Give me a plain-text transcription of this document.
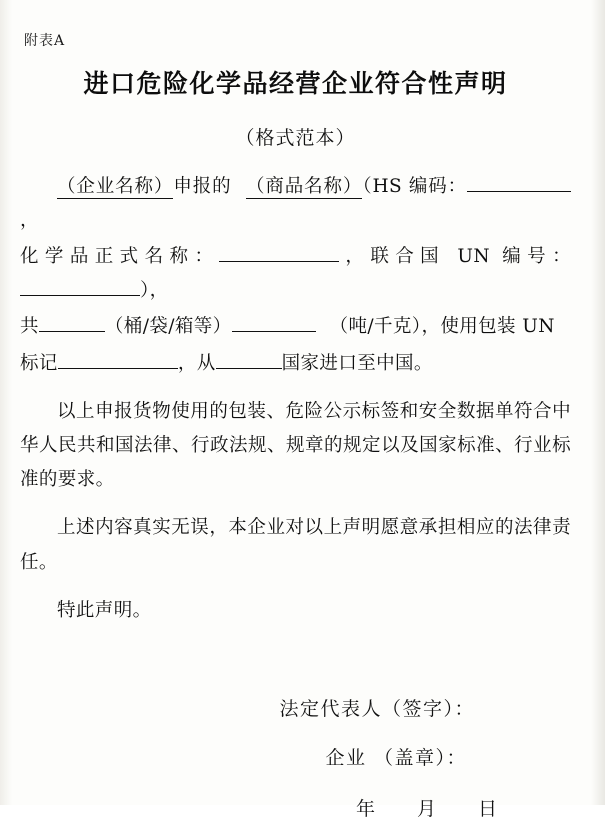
附表A
进口危险化学品经营企业符合性声明
（格式范本）

（企业名称）申报的 （商品名称）（HS 编码：，

化学品正式名称：	，联合国 UN 编号：），

共	（桶/袋/箱等）	（吨/千克），使用包装 UN

标记	，从	国家进口至中国。

以上申报货物使用的包装、危险公示标签和安全数据单符合中华人民共和国法律、行政法规、规章的规定以及国家标准、行业标准的要求。

上述内容真实无误，本企业对以上声明愿意承担相应的法律责任。

特此声明。

法定代表人（签字）：
企业 （盖章）：
年 月 日
